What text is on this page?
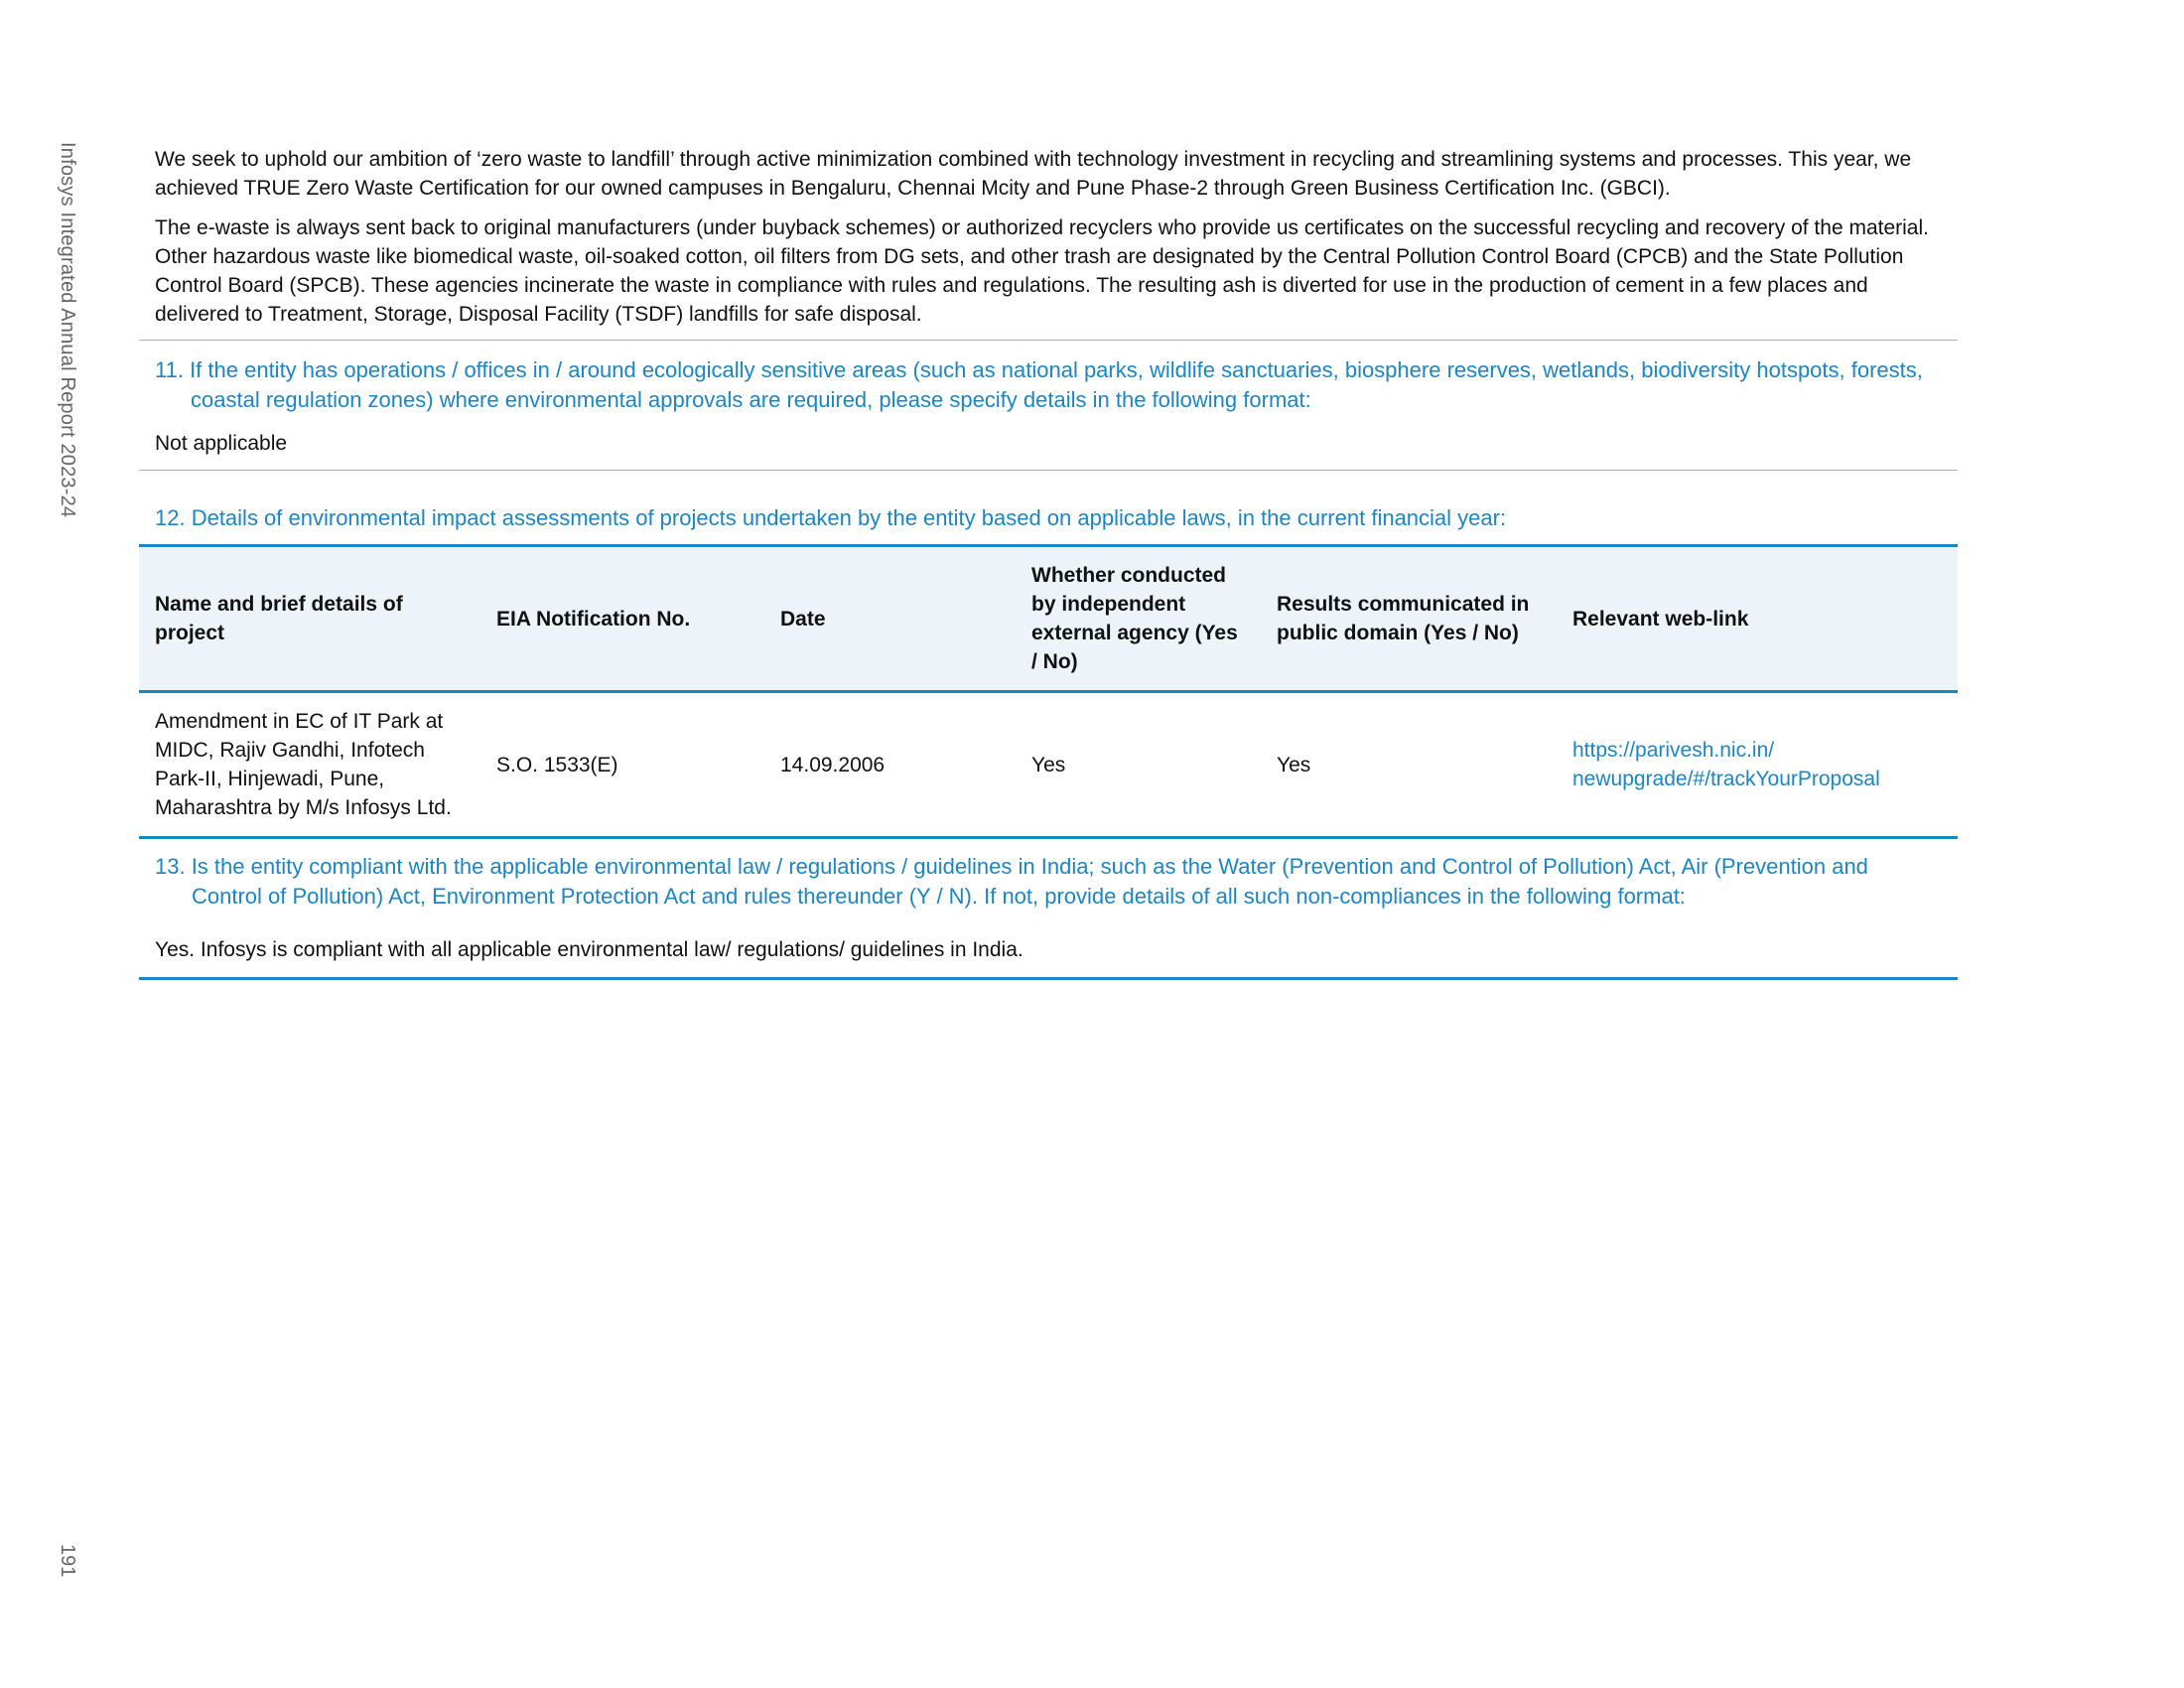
Infosys Integrated Annual Report 2023-24
191

We seek to uphold our ambition of ‘zero waste to landfill’ through active minimization combined with technology investment in recycling and streamlining systems and processes. This year, we achieved TRUE Zero Waste Certification for our owned campuses in Bengaluru, Chennai Mcity and Pune Phase-2 through Green Business Certification Inc. (GBCI).

The e-waste is always sent back to original manufacturers (under buyback schemes) or authorized recyclers who provide us certificates on the successful recycling and recovery of the material. Other hazardous waste like biomedical waste, oil-soaked cotton, oil filters from DG sets, and other trash are designated by the Central Pollution Control Board (CPCB) and the State Pollution Control Board (SPCB). These agencies incinerate the waste in compliance with rules and regulations. The resulting ash is diverted for use in the production of cement in a few places and delivered to Treatment, Storage, Disposal Facility (TSDF) landfills for safe disposal.

11. If the entity has operations / offices in / around ecologically sensitive areas (such as national parks, wildlife sanctuaries, biosphere reserves, wetlands, biodiversity hotspots, forests, coastal regulation zones) where environmental approvals are required, please specify details in the following format:

Not applicable

12. Details of environmental impact assessments of projects undertaken by the entity based on applicable laws, in the current financial year:

Name and brief details of project	EIA Notification No.	Date	Whether conducted by independent external agency (Yes / No)	Results communicated in public domain (Yes / No)	Relevant web-link
Amendment in EC of IT Park at MIDC, Rajiv Gandhi, Infotech Park-II, Hinjewadi, Pune, Maharashtra by M/s Infosys Ltd.	S.O. 1533(E)	14.09.2006	Yes	Yes	https://parivesh.nic.in/
newupgrade/#/trackYourProposal

13. Is the entity compliant with the applicable environmental law / regulations / guidelines in India; such as the Water (Prevention and Control of Pollution) Act, Air (Prevention and Control of Pollution) Act, Environment Protection Act and rules thereunder (Y / N). If not, provide details of all such non-compliances in the following format:

Yes. Infosys is compliant with all applicable environmental law/ regulations/ guidelines in India.
